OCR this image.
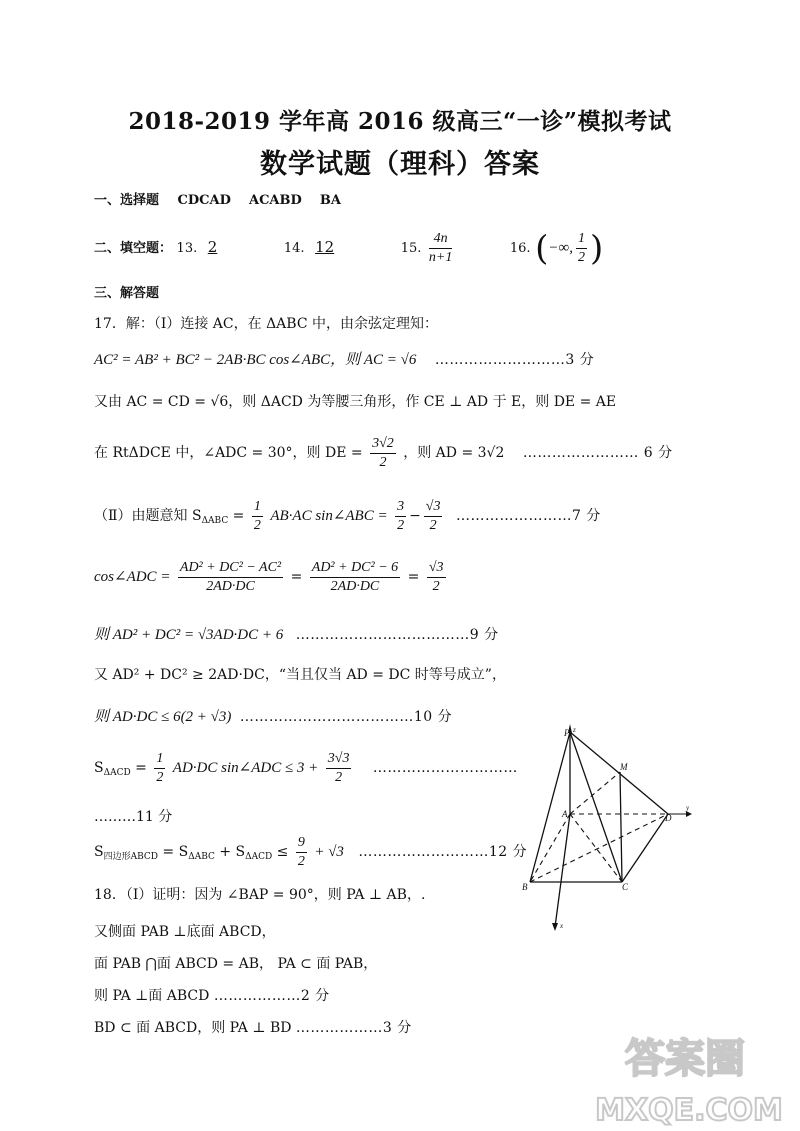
2018-2019 学年高 2016 级高三“一诊”模拟考试
数学试题（理科）答案
一、选择题 CDCAD    ACABD    BA
二、填空题： 13. 2	14. 12	15. $\frac{4n}{n+1}$	16. (−∞, $\frac{1}{2}$ )
三、解答题
17．解：（Ⅰ）连接 AC，在 ΔABC 中，由余弦定理知：
AC² = AB² + BC² − 2AB·BC cos∠ABC，则 AC = √6 ………………………3 分
又由 AC = CD = √6，则 ΔACD 为等腰三角形，作 CE ⊥ AD 于 E，则 DE = AE
在 RtΔDCE 中，∠ADC = 30°，则 DE = $\frac{3√2}{2}$ ，则 AD = 3√2 …………………… 6 分
（Ⅱ）由题意知 $S_{\Delta ABC} = \frac{1}{2} AB\cdot AC$ sin∠ABC = $\frac{3}{2} - \frac{√3}{2}$ ……………………7 分
cos∠ADC = $\frac{\text{AD² + DC² − AC²}}{2AD\cdot DC} = \frac{\text{AD² + DC² − 6}}{2AD\cdot DC} = \frac{√3}{2}$
则 AD² + DC² = √3AD·DC + 6 ………………………………9 分
又 AD² + DC² ≥ 2AD·DC，“当且仅当 AD = DC 时等号成立”，
则 AD·DC ≤ 6(2 + √3) ………………………………10 分
$S_{\Delta ACD} = \frac{1}{2} AD\cdot DC$ sin∠ADC ≤ $3 + \frac{3√3}{2}$ …………………………
………11 分
$S_{四边形ABCD} = S_{\Delta ABC} + S_{\Delta ACD} \le \frac{9}{2} + √3$ ………………………12 分
18．（Ⅰ）证明：因为 ∠BAP = 90°，则 PA ⊥ AB，.
又侧面 PAB ⊥底面 ABCD，
面 PAB ⋂面 ABCD = AB， PA ⊂ 面 PAB，
则 PA ⊥面 ABCD ………………2 分
BD ⊂ 面 ABCD，则 PA ⊥ BD ………………3 分
P z
M
A	D
y
B	C
x
答案圈
MXQE.COM
